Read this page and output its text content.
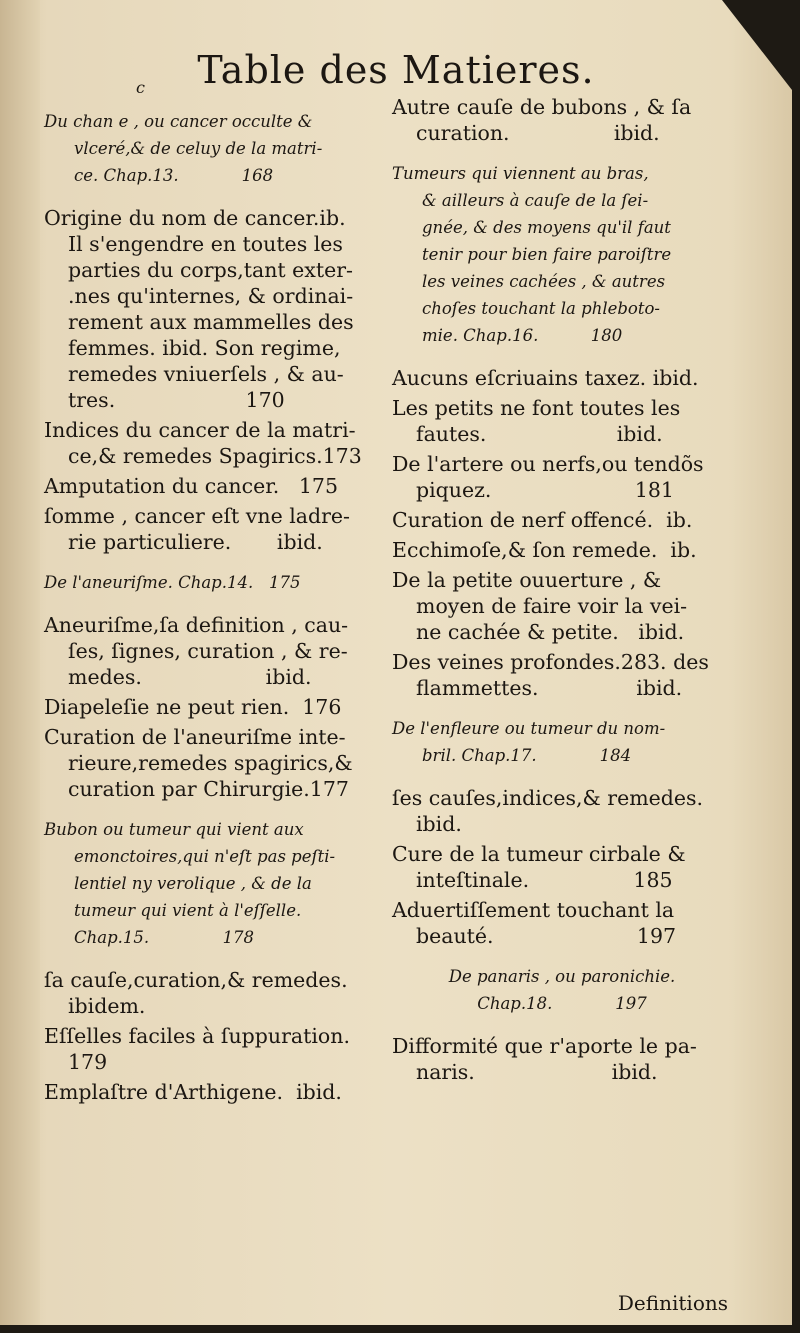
Table des Matieres.
c
Du chan e , ou cancer occulte &
vlceré,& de celuy de la matri-
ce. Chap.13.            168
Origine du nom de cancer.ib.
Il s'engendre en toutes les
parties du corps,tant exter-
.nes qu'internes, & ordinai-
rement aux mammelles des
femmes. ibid. Son regime,
remedes vniuerſels , & au-
tres.                    170
Indices du cancer de la matri-
ce,& remedes Spagirics.173
Amputation du cancer.   175
ſomme , cancer eſt vne ladre-
rie particuliere.       ibid.
De l'aneuriſme. Chap.14.   175
Aneuriſme,ſa definition , cau-
ſes, ſignes, curation , & re-
medes.                   ibid.
Diapeleſie ne peut rien.  176
Curation de l'aneuriſme inte-
rieure,remedes spagirics,&
curation par Chirurgie.177
Bubon ou tumeur qui vient aux
emonctoires,qui n'eſt pas peſti-
lentiel ny verolique , & de la
tumeur qui vient à l'eſſelle.
Chap.15.              178
ſa cauſe,curation,& remedes.
ibidem.
Eſſelles faciles à ſuppuration.
179
Emplaſtre d'Arthigene.  ibid.
Autre cauſe de bubons , & ſa
curation.                ibid.
Tumeurs qui viennent au bras,
& ailleurs à cauſe de la ſei-
gnée, & des moyens qu'il faut
tenir pour bien faire paroiſtre
les veines cachées , & autres
choſes touchant la phleboto-
mie. Chap.16.          180
Aucuns eſcriuains taxez. ibid.
Les petits ne font toutes les
fautes.                    ibid.
De l'artere ou nerfs,ou tendõs
piquez.                      181
Curation de nerf offencé.  ib.
Ecchimoſe,& ſon remede.  ib.
De la petite ouuerture , &
moyen de faire voir la vei-
ne cachée & petite.   ibid.
Des veines profondes.283. des
flammettes.               ibid.
De l'enfleure ou tumeur du nom-
bril. Chap.17.            184
ſes cauſes,indices,& remedes.
ibid.
Cure de la tumeur cirbale &
inteſtinale.                185
Aduertiſſement touchant la
beauté.                      197
De panaris , ou paronichie.
Chap.18.            197
Difformité que r'aporte le pa-
naris.                     ibid.
Definitions
